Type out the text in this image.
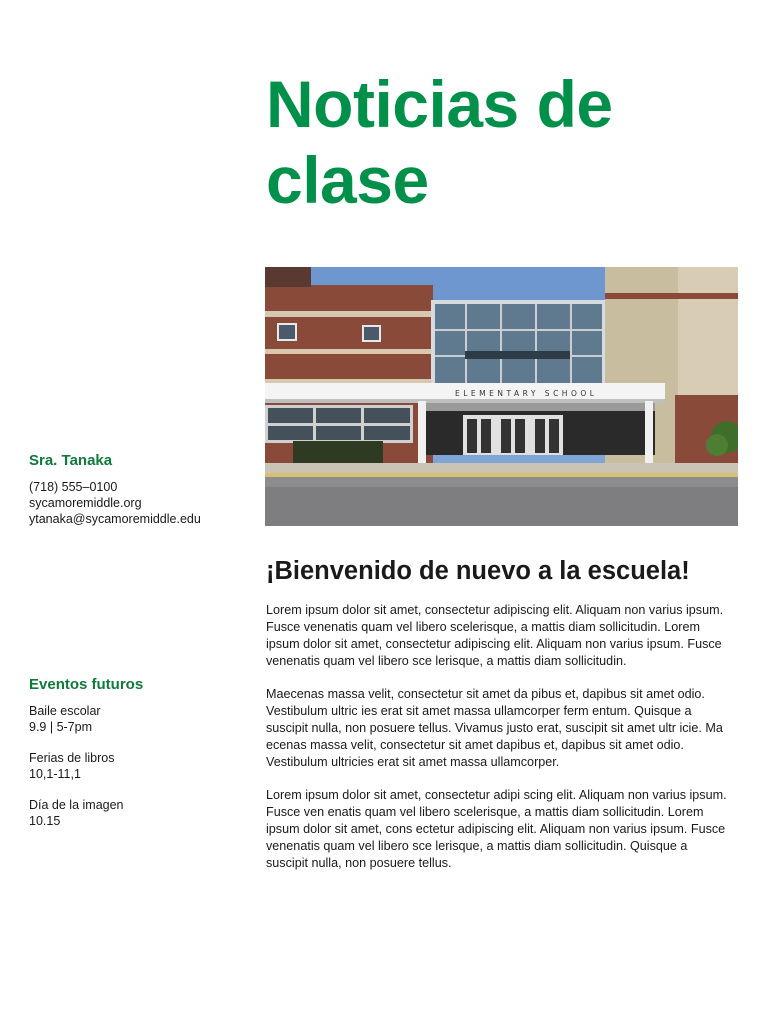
Noticias de clase
ELEMENTARY SCHOOL
Sra. Tanaka
(718) 555–0100
sycamoremiddle.org
ytanaka@sycamoremiddle.edu
Eventos futuros
Baile escolar
9.9 | 5-7pm
Ferias de libros
10,1-11,1
Día de la imagen
10.15
¡Bienvenido de nuevo a la escuela!

Lorem ipsum dolor sit amet, consectetur adipiscing elit. Aliquam non varius ipsum. Fusce venenatis quam vel libero scelerisque, a mattis diam sollicitudin. Lorem ipsum dolor sit amet, consectetur adipiscing elit. Aliquam non varius ipsum. Fusce venenatis quam vel libero sce lerisque, a mattis diam sollicitudin.

Maecenas massa velit, consectetur sit amet da pibus et, dapibus sit amet odio. Vestibulum ultric ies erat sit amet massa ullamcorper ferm entum. Quisque a suscipit nulla, non posuere tellus. Vivamus justo erat, suscipit sit amet ultr icie. Ma ecenas massa velit, consectetur sit amet dapibus et, dapibus sit amet odio. Vestibulum ultricies erat sit amet massa ullamcorper.

Lorem ipsum dolor sit amet, consectetur adipi scing elit. Aliquam non varius ipsum. Fusce ven enatis quam vel libero scelerisque, a mattis diam sollicitudin. Lorem ipsum dolor sit amet, cons ectetur adipiscing elit. Aliquam non varius ipsum. Fusce venenatis quam vel libero sce lerisque, a mattis diam sollicitudin. Quisque a suscipit nulla, non posuere tellus.
